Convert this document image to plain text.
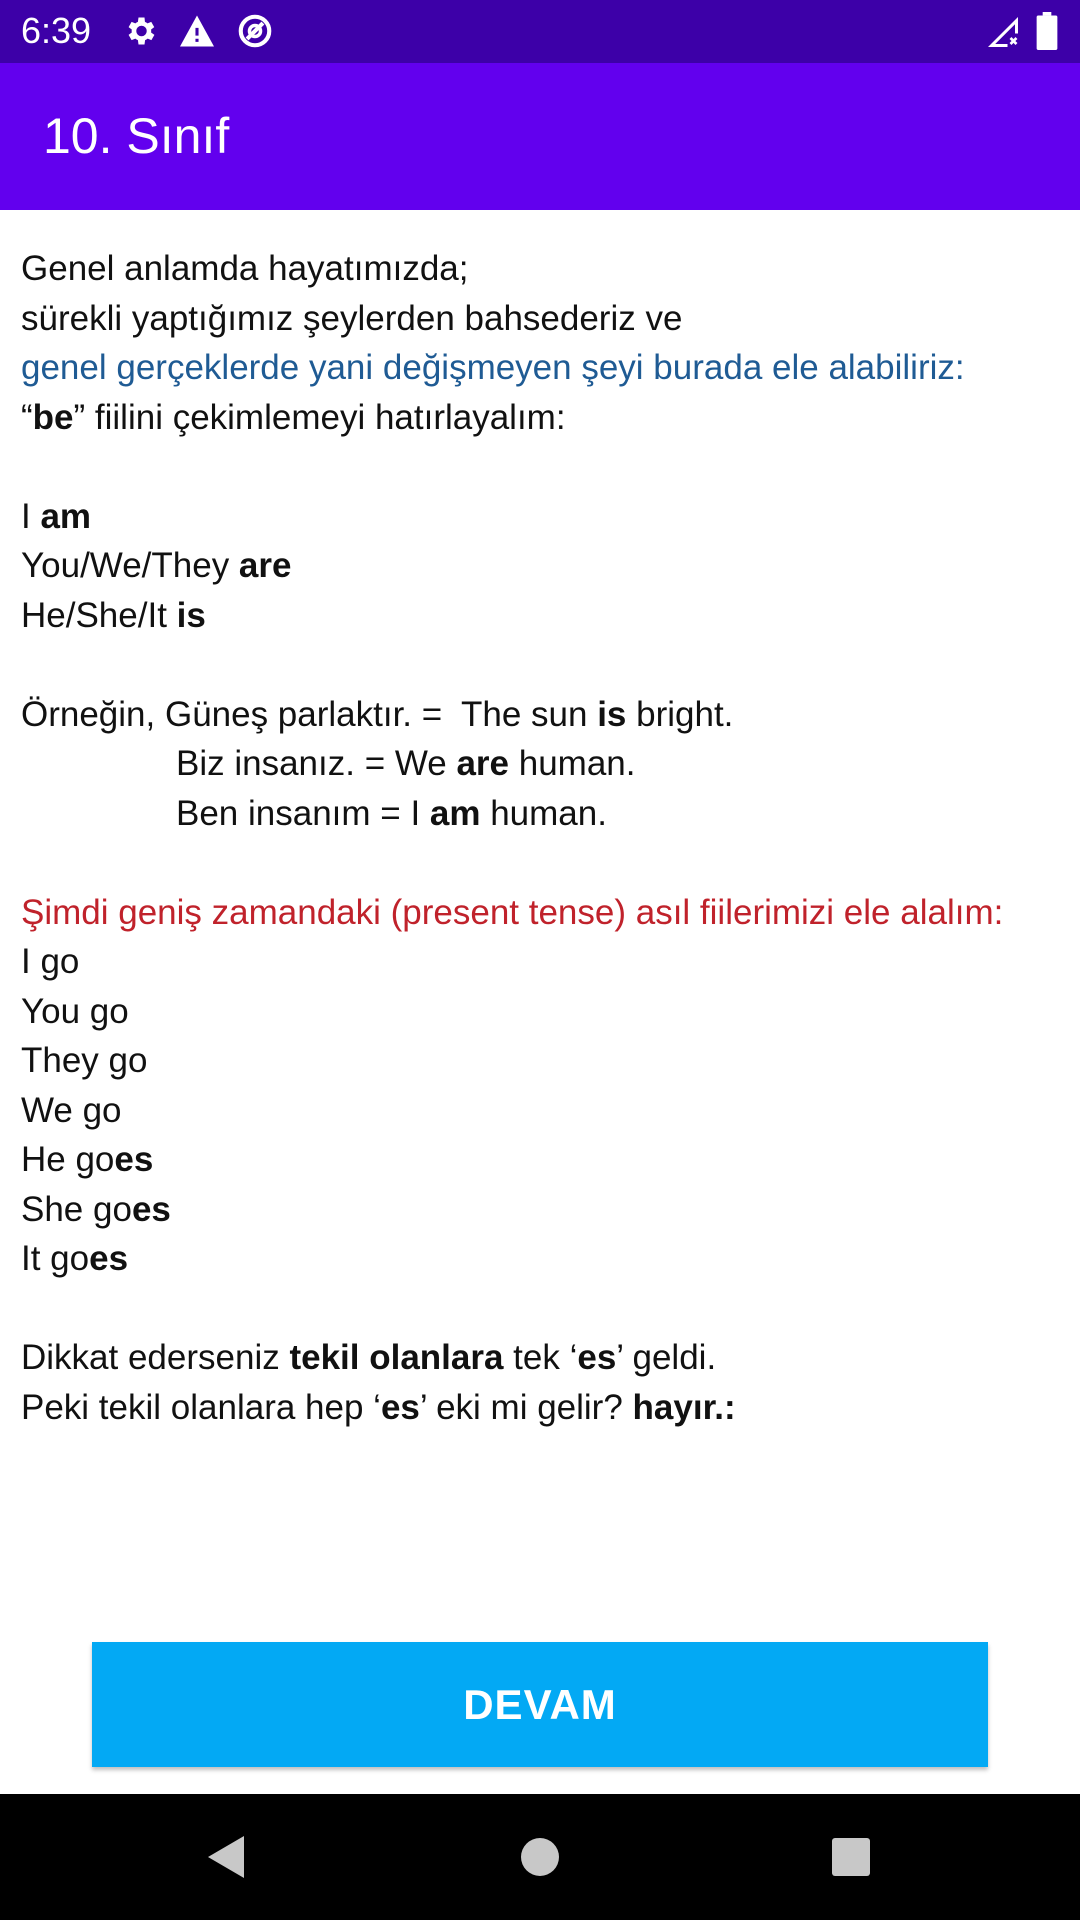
6:39
10. Sınıf
Genel anlamda hayatımızda;
sürekli yaptığımız şeylerden bahsederiz ve
genel gerçeklerde yani değişmeyen şeyi burada ele alabiliriz:
“be” fiilini çekimlemeyi hatırlayalım:
I am
You/We/They are
He/She/It is
Örneğin, Güneş parlaktır. =  The sun is bright.
Biz insanız. = We are human.
Ben insanım = I am human.
Şimdi geniş zamandaki (present tense) asıl fiilerimizi ele alalım:
I go
You go
They go
We go
He goes
She goes
It goes
Dikkat ederseniz tekil olanlara tek ‘es’ geldi.
Peki tekil olanlara hep ‘es’ eki mi gelir? hayır.:
DEVAM
